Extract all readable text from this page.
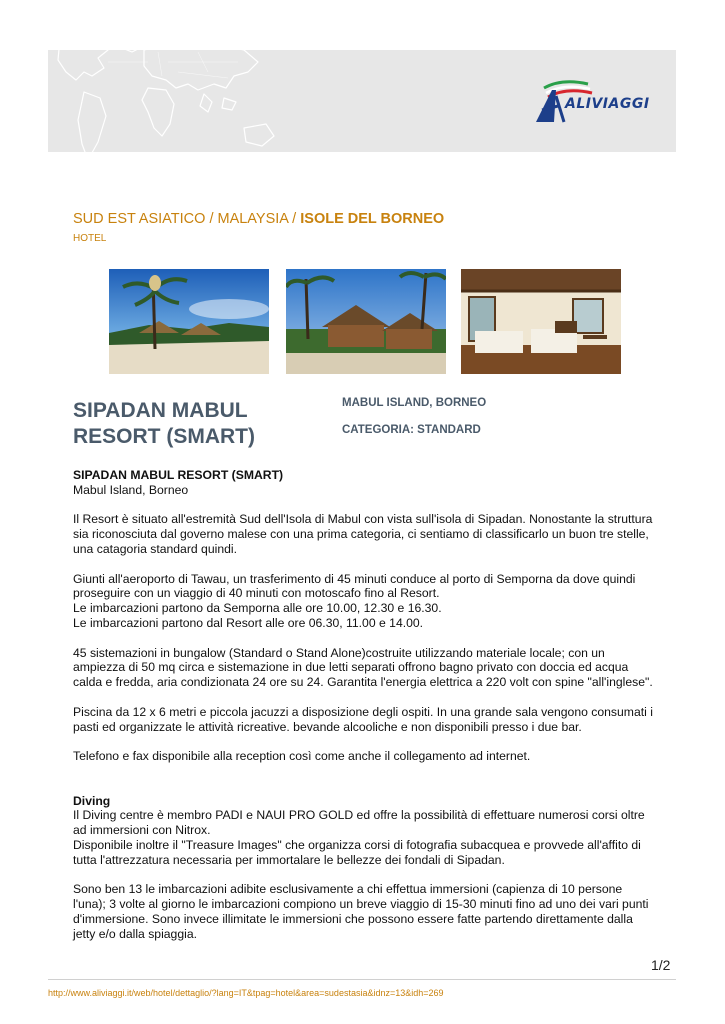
ALIVIAGGI
SUD EST ASIATICO / MALAYSIA / ISOLE DEL BORNEO
HOTEL
SIPADAN MABUL RESORT (SMART)
MABUL ISLAND, BORNEO
CATEGORIA: STANDARD

SIPADAN MABUL RESORT (SMART)

Mabul Island, Borneo

Il Resort è situato all'estremità Sud dell'Isola di Mabul con vista sull'isola di Sipadan. Nonostante la struttura sia riconosciuta dal governo malese con una prima categoria, ci sentiamo di classificarlo un buon tre stelle, una catagoria standard quindi.

Giunti all'aeroporto di Tawau, un trasferimento di 45 minuti conduce al porto di Semporna da dove quindi proseguire con un viaggio di 40 minuti con motoscafo fino al Resort.
Le imbarcazioni partono da Semporna alle ore 10.00, 12.30 e 16.30.
Le imbarcazioni partono dal Resort alle ore 06.30, 11.00 e 14.00.

45 sistemazioni in bungalow (Standard o Stand Alone)costruite utilizzando materiale locale; con un ampiezza di 50 mq circa e sistemazione in due letti separati offrono bagno privato con doccia ed acqua calda e fredda, aria condizionata 24 ore su 24. Garantita l'energia elettrica a 220 volt con spine "all'inglese".

Piscina da 12 x 6 metri e piccola jacuzzi a disposizione degli ospiti. In una grande sala vengono consumati i pasti ed organizzate le attività ricreative. bevande alcooliche e non disponibili presso i due bar.

Telefono e fax disponibile alla reception così come anche il collegamento ad internet.

Diving

Il Diving centre è membro PADI e NAUI PRO GOLD ed offre la possibilità di effettuare numerosi corsi oltre ad immersioni con Nitrox.
Disponibile inoltre il "Treasure Images" che organizza corsi di fotografia subacquea e provvede all'affito di tutta l'attrezzatura necessaria per immortalare le bellezze dei fondali di Sipadan.

Sono ben 13 le imbarcazioni adibite esclusivamente a chi effettua immersioni (capienza di 10 persone l'una); 3 volte al giorno le imbarcazioni compiono un breve viaggio di 15-30 minuti fino ad uno dei vari punti d'immersione. Sono invece illimitate le immersioni che possono essere fatte partendo direttamente dalla jetty e/o dalla spiaggia.

1/2
http://www.aliviaggi.it/web/hotel/dettaglio/?lang=IT&tpag=hotel&area=sudestasia&idnz=13&idh=269
